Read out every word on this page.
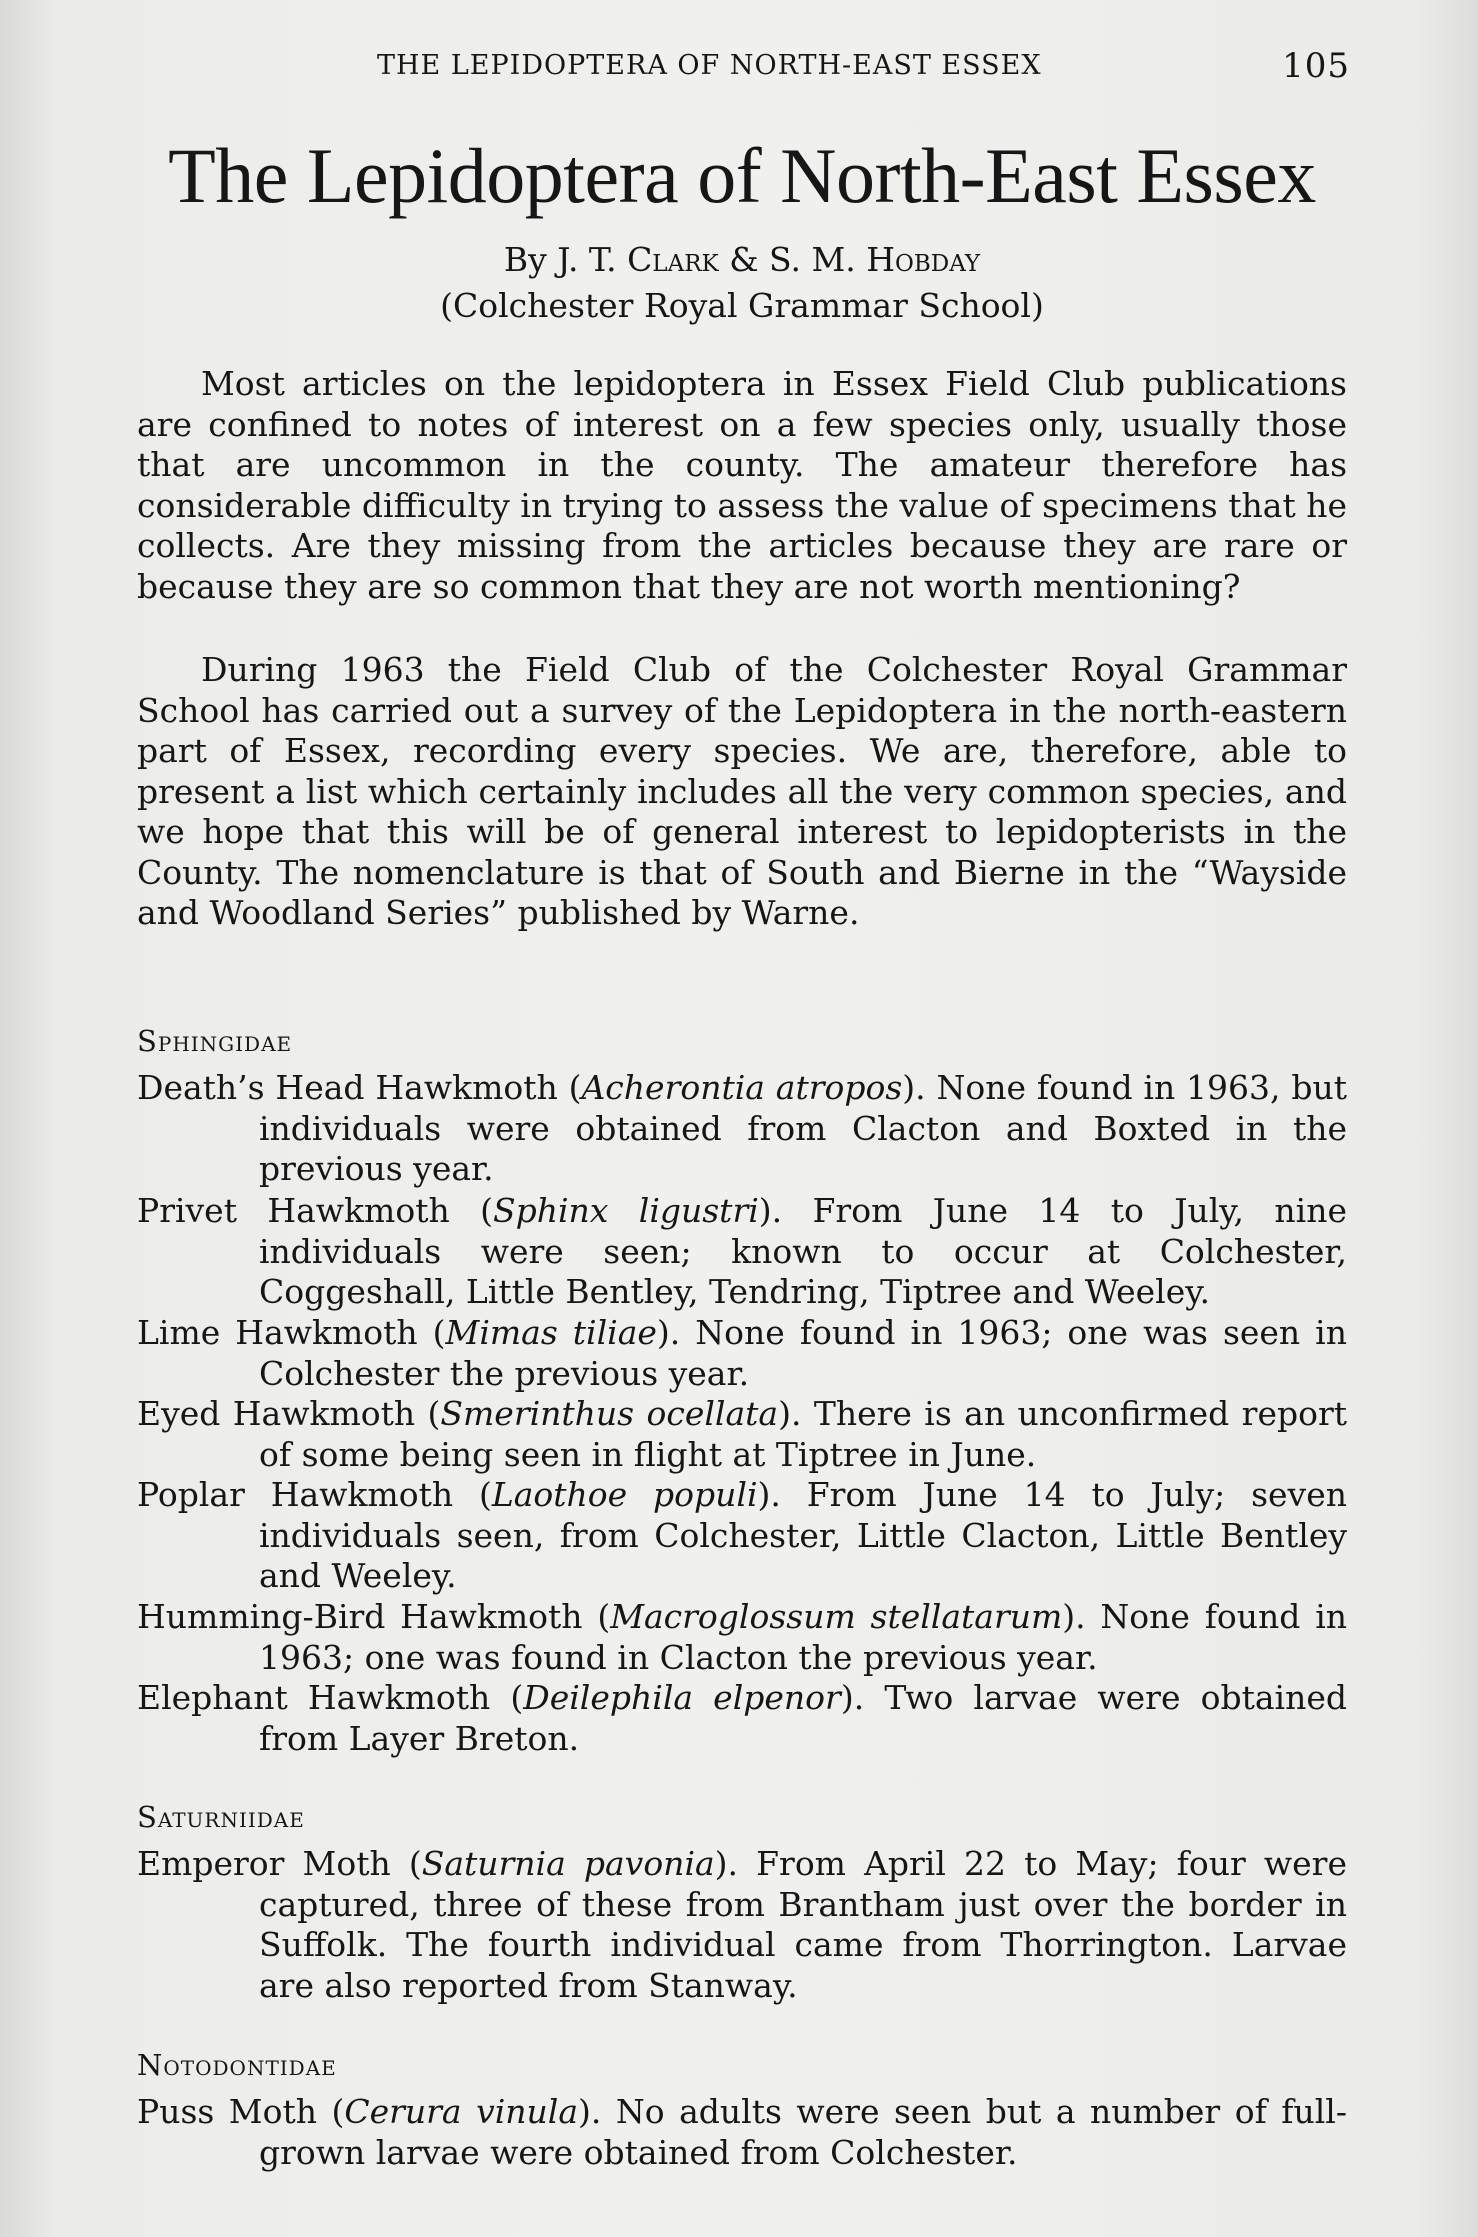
THE LEPIDOPTERA OF NORTH-EAST ESSEX	105
The Lepidoptera of North-East Essex
By J. T. Clark & S. M. Hobday
(Colchester Royal Grammar School)

Most articles on the lepidoptera in Essex Field Club publications are confined to notes of interest on a few species only, usually those that are uncommon in the county. The amateur therefore has considerable difficulty in trying to assess the value of specimens that he collects. Are they missing from the articles because they are rare or because they are so common that they are not worth mentioning?

During 1963 the Field Club of the Colchester Royal Grammar School has carried out a survey of the Lepidoptera in the north-eastern part of Essex, recording every species. We are, therefore, able to present a list which certainly includes all the very common species, and we hope that this will be of general interest to lepidopterists in the County. The nomenclature is that of South and Bierne in the “Wayside and Woodland Series” published by Warne.

Sphingidae
Death’s Head Hawkmoth (Acherontia atropos). None found in 1963, but individuals were obtained from Clacton and Boxted in the previous year.
Privet Hawkmoth (Sphinx ligustri). From June 14 to July, nine individuals were seen; known to occur at Colchester, Coggeshall, Little Bentley, Tendring, Tiptree and Weeley.
Lime Hawkmoth (Mimas tiliae). None found in 1963; one was seen in Colchester the previous year.
Eyed Hawkmoth (Smerinthus ocellata). There is an unconfirmed report of some being seen in flight at Tiptree in June.
Poplar Hawkmoth (Laothoe populi). From June 14 to July; seven individuals seen, from Colchester, Little Clacton, Little Bentley and Weeley.
Humming-Bird Hawkmoth (Macroglossum stellatarum). None found in 1963; one was found in Clacton the previous year.
Elephant Hawkmoth (Deilephila elpenor). Two larvae were obtained from Layer Breton.
Saturniidae
Emperor Moth (Saturnia pavonia). From April 22 to May; four were captured, three of these from Brantham just over the border in Suffolk. The fourth individual came from Thorrington. Larvae are also reported from Stanway.
Notodontidae
Puss Moth (Cerura vinula). No adults were seen but a number of full-grown larvae were obtained from Colchester.
